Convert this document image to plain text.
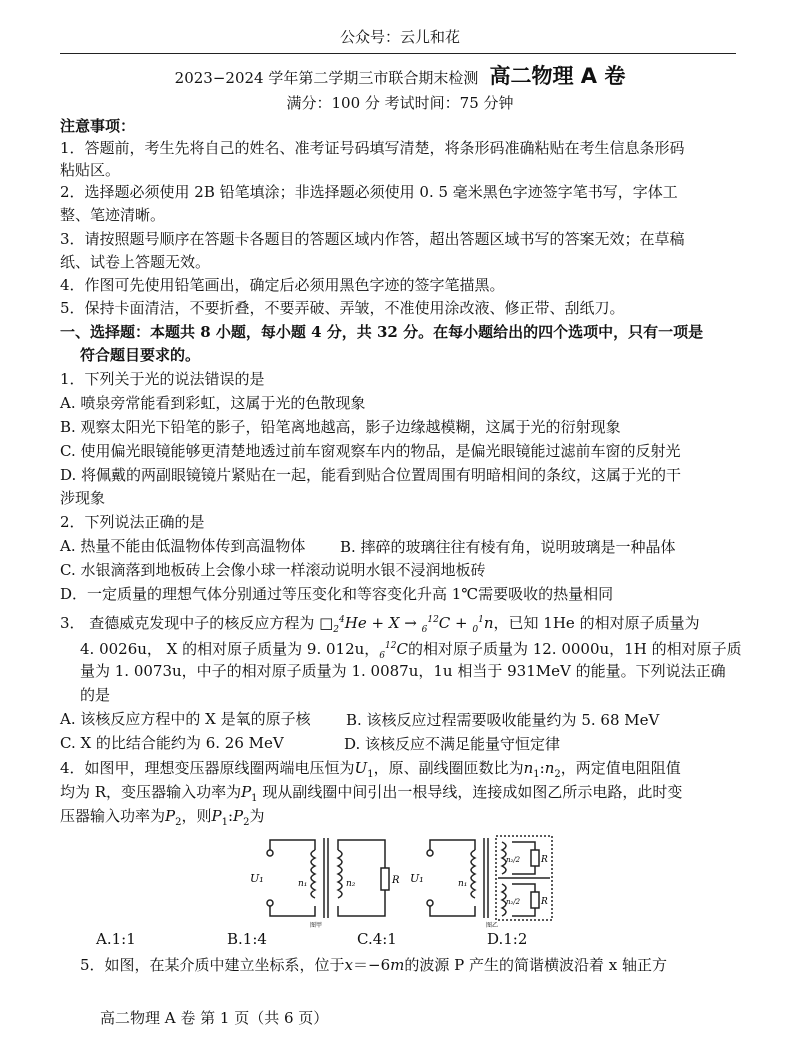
公众号：云儿和花
2023−2024 学年第二学期三市联合期末检测 高二物理 A 卷
满分：100 分 考试时间：75 分钟
注意事项：
1．答题前，考生先将自己的姓名、准考证号码填写清楚，将条形码准确粘贴在考生信息条形码
粘贴区。
2．选择题必须使用 2B 铅笔填涂；非选择题必须使用 0. 5 毫米黑色字迹签字笔书写，字体工
整、笔迹清晰。
3．请按照题号顺序在答题卡各题目的答题区域内作答，超出答题区域书写的答案无效；在草稿
纸、试卷上答题无效。
4．作图可先使用铅笔画出，确定后必须用黑色字迹的签字笔描黑。
5．保持卡面清洁，不要折叠，不要弄破、弄皱，不准使用涂改液、修正带、刮纸刀。
一、选择题：本题共 8 小题，每小题 4 分，共 32 分。在每小题给出的四个选项中，只有一项是
符合题目要求的。
1．下列关于光的说法错误的是
A. 喷泉旁常能看到彩虹，这属于光的色散现象
B. 观察太阳光下铅笔的影子，铅笔离地越高，影子边缘越模糊，这属于光的衍射现象
C. 使用偏光眼镜能够更清楚地透过前车窗观察车内的物品，是偏光眼镜能过滤前车窗的反射光
D. 将佩戴的两副眼镜镜片紧贴在一起，能看到贴合位置周围有明暗相间的条纹，这属于光的干
涉现象
2．下列说法正确的是
A. 热量不能由低温物体传到高温物体 B. 摔碎的玻璃往往有棱有角，说明玻璃是一种晶体
C. 水银滴落到地板砖上会像小球一样滚动说明水银不浸润地板砖
D．一定质量的理想气体分别通过等压变化和等容变化升高 1℃需要吸收的热量相同
3． 查德威克发现中子的核反应方程为 $□_2^4He + X \to _6^{12}C + _0^1n$，已知 1He 的相对原子质量为
4. 0026u， X 的相对原子质量为 9. 012u，$_6^{12}$C的相对原子质量为 12. 0000u，1H 的相对原子质
量为 1. 0073u，中子的相对原子质量为 1. 0087u，1u 相当于 931MeV 的能量。下列说法正确
的是
A. 该核反应方程中的 X 是氧的原子核 B. 该核反应过程需要吸收能量约为 5. 68 MeV
C. X 的比结合能约为 6. 26 MeV	D. 该核反应不满足能量守恒定律
4．如图甲，理想变压器原线圈两端电压恒为$U_1$，原、副线圈匝数比为$n_1:n_2$，两定值电阻阻值
均为 R，变压器输入功率为$P_1$ 现从副线圈中间引出一根导线，连接成如图乙所示电路，此时变
压器输入功率为$P_2$，则$P_1:P_2$为
U₁	n₁	n₂	R
图甲
U₁	n₁
n₂/2
n₂/2
R
R
图乙
A.1:1	B.1:4	C.4:1	D.1:2
5．如图，在某介质中建立坐标系，位于x＝−6m的波源 P 产生的简谐横波沿着 x 轴正方
高二物理 A 卷 第 1 页（共 6 页）
